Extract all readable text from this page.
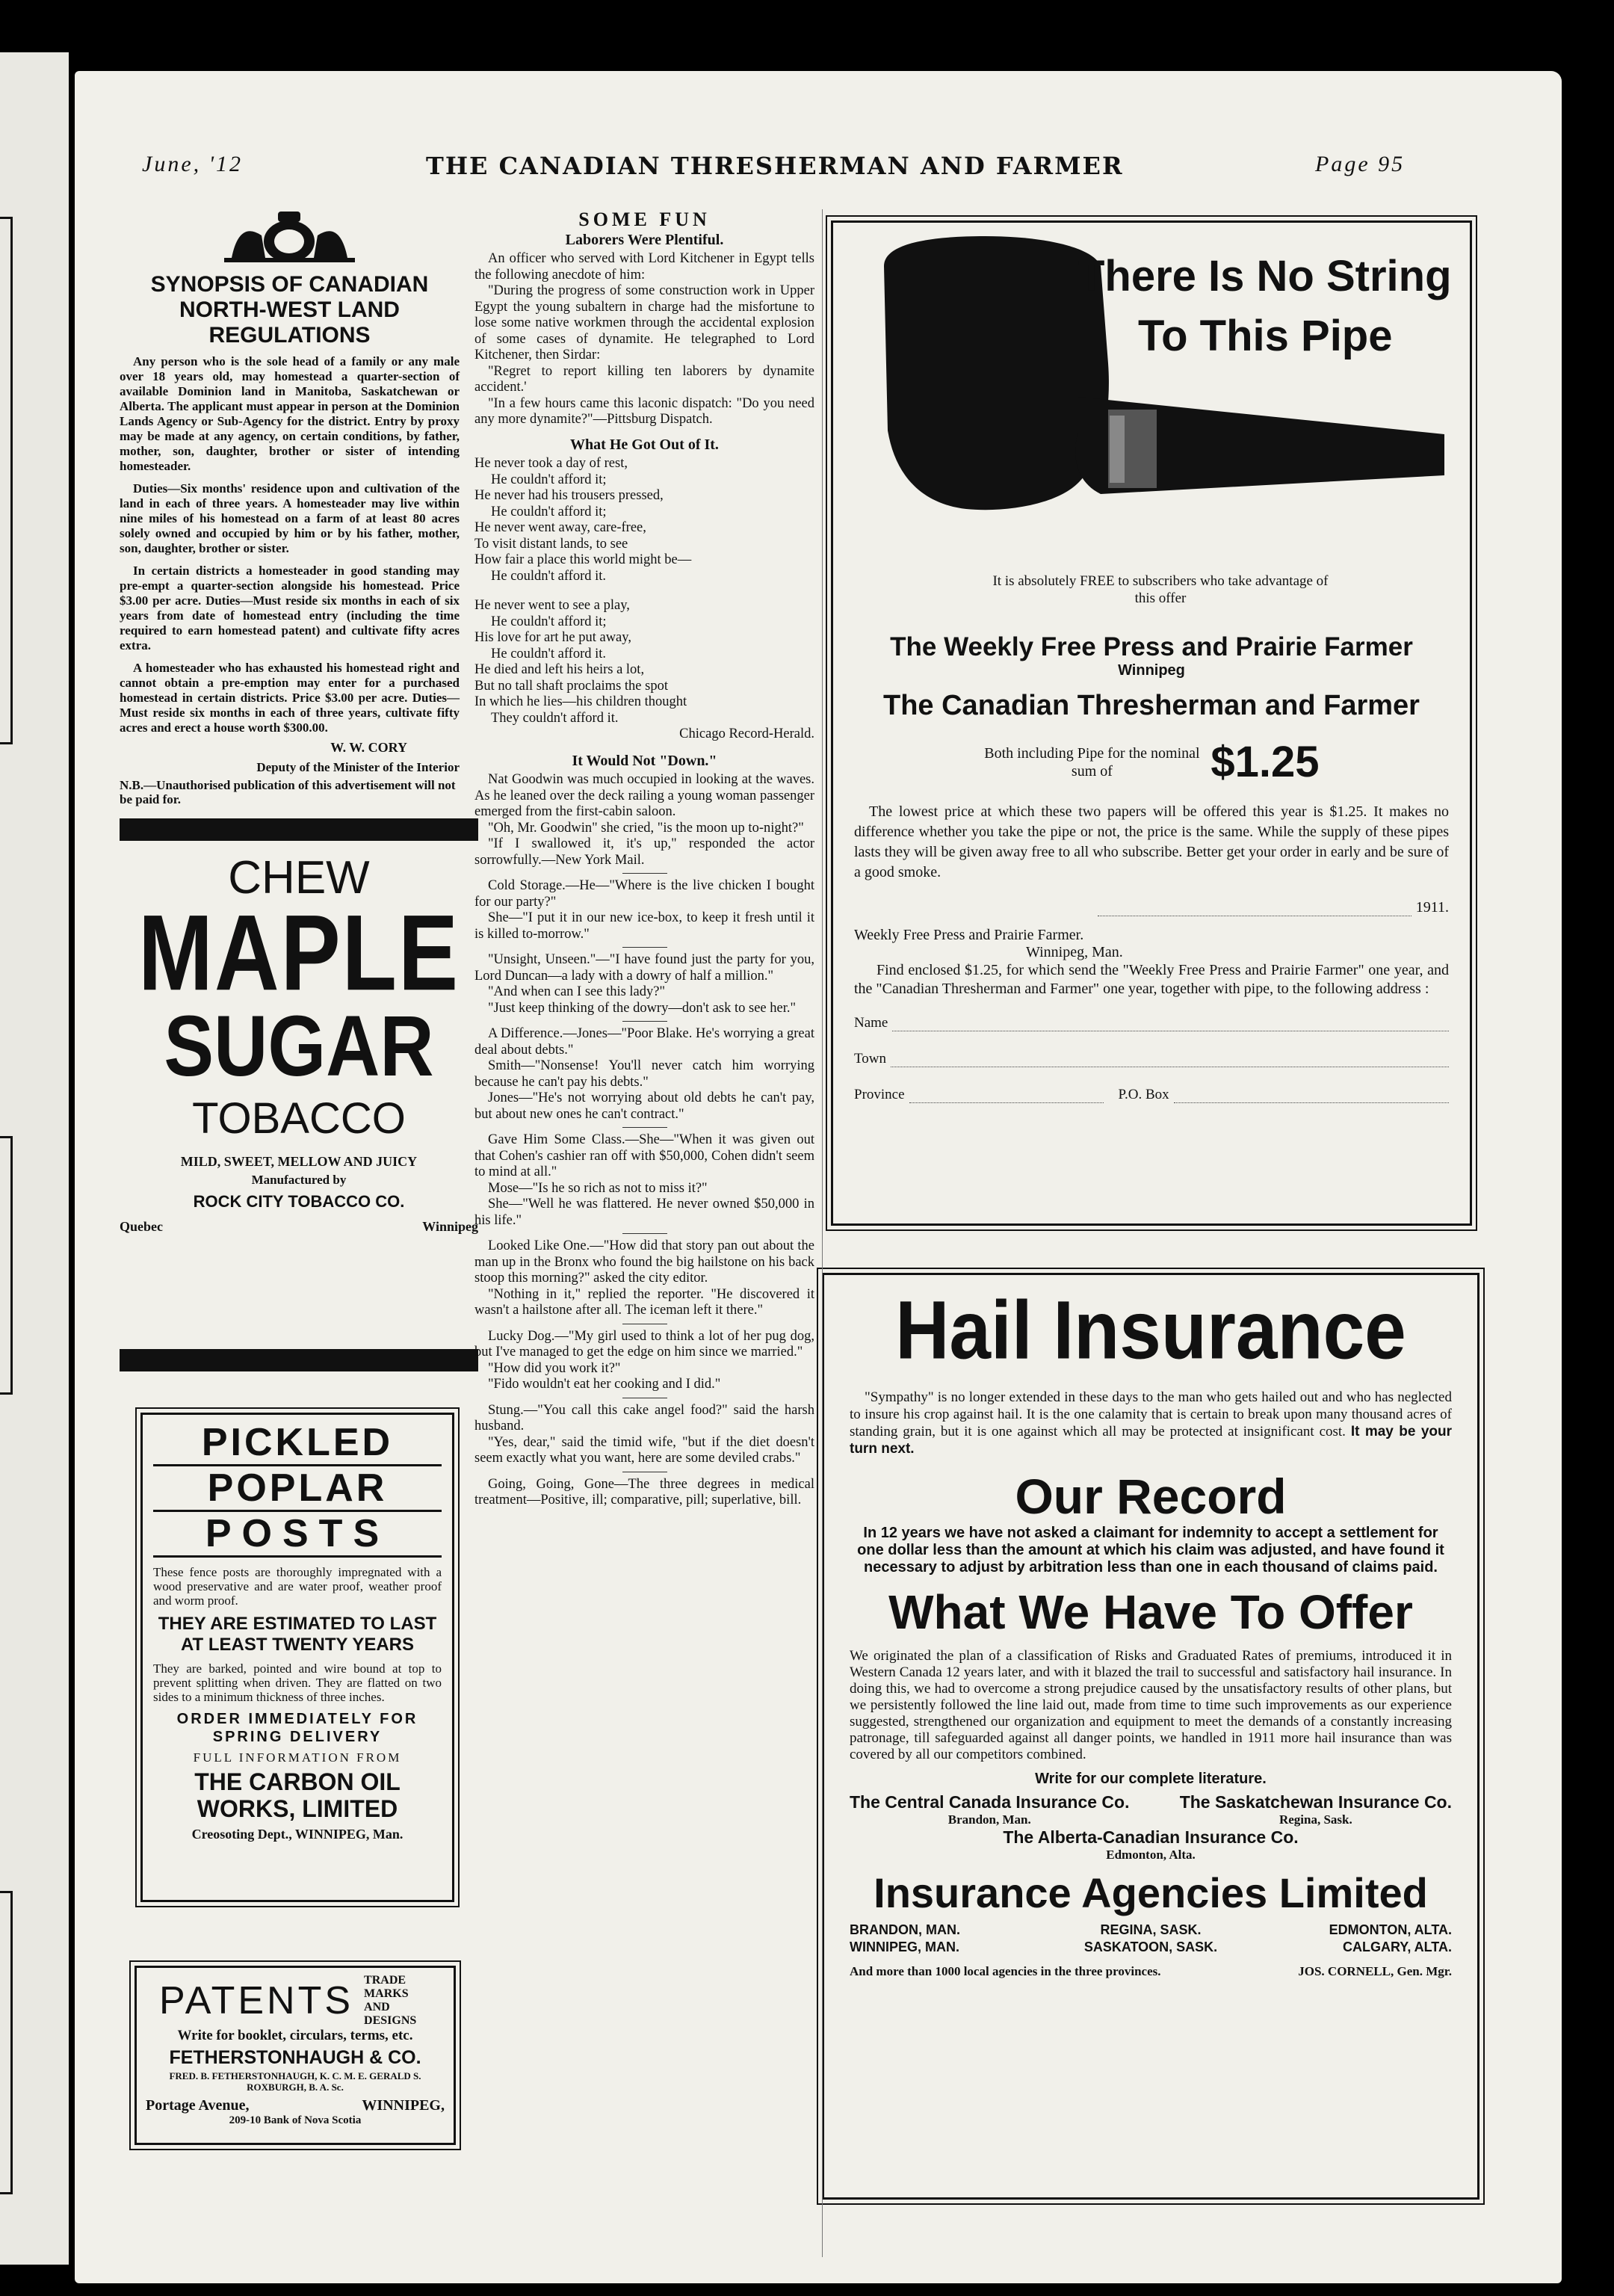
June, '12	THE CANADIAN THRESHERMAN AND FARMER	Page 95
SYNOPSIS OF CANADIAN NORTH-WEST LAND REGULATIONS

Any person who is the sole head of a family or any male over 18 years old, may homestead a quarter-section of available Dominion land in Manitoba, Saskatchewan or Alberta. The applicant must appear in person at the Dominion Lands Agency or Sub-Agency for the district. Entry by proxy may be made at any agency, on certain conditions, by father, mother, son, daughter, brother or sister of intending homesteader.

Duties—Six months' residence upon and cultivation of the land in each of three years. A homesteader may live within nine miles of his homestead on a farm of at least 80 acres solely owned and occupied by him or by his father, mother, son, daughter, brother or sister.

In certain districts a homesteader in good standing may pre-empt a quarter-section alongside his homestead. Price $3.00 per acre. Duties—Must reside six months in each of six years from date of homestead entry (including the time required to earn homestead patent) and cultivate fifty acres extra.

A homesteader who has exhausted his homestead right and cannot obtain a pre-emption may enter for a purchased homestead in certain districts. Price $3.00 per acre. Duties—Must reside six months in each of three years, cultivate fifty acres and erect a house worth $300.00.

W. W. CORY
Deputy of the Minister of the Interior
N.B.—Unauthorised publication of this advertisement will not be paid for.
CHEW
MAPLE
SUGAR
TOBACCO
MILD, SWEET, MELLOW AND JUICY
Manufactured by
ROCK CITY TOBACCO CO.
Quebec	Winnipeg
PICKLED
POPLAR
POSTS
These fence posts are thoroughly impregnated with a wood preservative and are water proof, weather proof and worm proof.
THEY ARE ESTIMATED TO LAST AT LEAST TWENTY YEARS
They are barked, pointed and wire bound at top to prevent splitting when driven. They are flatted on two sides to a minimum thickness of three inches.
ORDER IMMEDIATELY FOR SPRING DELIVERY
FULL INFORMATION FROM
THE CARBON OIL WORKS, LIMITED
Creosoting Dept., WINNIPEG, Man.
PATENTS TRADE MARKS AND DESIGNS
Write for booklet, circulars, terms, etc.
FETHERSTONHAUGH & CO.
FRED. B. FETHERSTONHAUGH, K. C. M. E. GERALD S. ROXBURGH, B. A. Sc.
Portage Avenue,	WINNIPEG,
209-10 Bank of Nova Scotia
SOME FUN
Laborers Were Plentiful.

An officer who served with Lord Kitchener in Egypt tells the following anecdote of him:

"During the progress of some construction work in Upper Egypt the young subaltern in charge had the misfortune to lose some native workmen through the accidental explosion of some cases of dynamite. He telegraphed to Lord Kitchener, then Sirdar:

"Regret to report killing ten laborers by dynamite accident.'

"In a few hours came this laconic dispatch: "Do you need any more dynamite?"—Pittsburg Dispatch.

What He Got Out of It.
He never took a day of rest,
He couldn't afford it;
He never had his trousers pressed,
He couldn't afford it;
He never went away, care-free,
To visit distant lands, to see
How fair a place this world might be—
He couldn't afford it.
He never went to see a play,
He couldn't afford it;
His love for art he put away,
He couldn't afford it.
He died and left his heirs a lot,
But no tall shaft proclaims the spot
In which he lies—his children thought
They couldn't afford it.
Chicago Record-Herald.
It Would Not "Down."

Nat Goodwin was much occupied in looking at the waves. As he leaned over the deck railing a young woman passenger emerged from the first-cabin saloon.

"Oh, Mr. Goodwin" she cried, "is the moon up to-night?"

"If I swallowed it, it's up," responded the actor sorrowfully.—New York Mail.

Cold Storage.—He—"Where is the live chicken I bought for our party?"

She—"I put it in our new ice-box, to keep it fresh until it is killed to-morrow."

"Unsight, Unseen."—"I have found just the party for you, Lord Duncan—a lady with a dowry of half a million."

"And when can I see this lady?"

"Just keep thinking of the dowry—don't ask to see her."

A Difference.—Jones—"Poor Blake. He's worrying a great deal about debts."

Smith—"Nonsense! You'll never catch him worrying because he can't pay his debts."

Jones—"He's not worrying about old debts he can't pay, but about new ones he can't contract."

Gave Him Some Class.—She—"When it was given out that Cohen's cashier ran off with $50,000, Cohen didn't seem to mind at all."

Mose—"Is he so rich as not to miss it?"

She—"Well he was flattered. He never owned $50,000 in his life."

Looked Like One.—"How did that story pan out about the man up in the Bronx who found the big hailstone on his back stoop this morning?" asked the city editor.

"Nothing in it," replied the reporter. "He discovered it wasn't a hailstone after all. The iceman left it there."

Lucky Dog.—"My girl used to think a lot of her pug dog, but I've managed to get the edge on him since we married."

"How did you work it?"

"Fido wouldn't eat her cooking and I did."

Stung.—"You call this cake angel food?" said the harsh husband.

"Yes, dear," said the timid wife, "but if the diet doesn't seem exactly what you want, here are some deviled crabs."

Going, Going, Gone—The three degrees in medical treatment—Positive, ill; comparative, pill; superlative, bill.

There Is No String
To This Pipe
It is absolutely FREE to subscribers who take advantage of this offer
The Weekly Free Press and Prairie Farmer
Winnipeg
The Canadian Thresherman and Farmer
Both including Pipe for the nominal sum of	$1.25
The lowest price at which these two papers will be offered this year is $1.25. It makes no difference whether you take the pipe or not, the price is the same. While the supply of these pipes lasts they will be given away free to all who subscribe. Better get your order in early and be sure of a good smoke.
1911.
Weekly Free Press and Prairie Farmer.
Winnipeg, Man.
Find enclosed $1.25, for which send the "Weekly Free Press and Prairie Farmer" one year, and the "Canadian Thresherman and Farmer" one year, together with pipe, to the following address :
Name
Town
Province	P.O. Box
Hail Insurance
"Sympathy" is no longer extended in these days to the man who gets hailed out and who has neglected to insure his crop against hail. It is the one calamity that is certain to break upon many thousand acres of standing grain, but it is one against which all may be protected at insignificant cost. It may be your turn next.
Our Record
In 12 years we have not asked a claimant for indemnity to accept a settlement for one dollar less than the amount at which his claim was adjusted, and have found it necessary to adjust by arbitration less than one in each thousand of claims paid.
What We Have To Offer
We originated the plan of a classification of Risks and Graduated Rates of premiums, introduced it in Western Canada 12 years later, and with it blazed the trail to successful and satisfactory hail insurance. In doing this, we had to overcome a strong prejudice caused by the unsatisfactory results of other plans, but we persistently followed the line laid out, made from time to time such improvements as our experience suggested, strengthened our organization and equipment to meet the demands of a constantly increasing patronage, till safeguarded against all danger points, we handled in 1911 more hail insurance than was covered by all our competitors combined.
Write for our complete literature.
The Central Canada Insurance Co.
Brandon, Man.
The Saskatchewan Insurance Co.
Regina, Sask.
The Alberta-Canadian Insurance Co.
Edmonton, Alta.
Insurance Agencies Limited
BRANDON, MAN.	REGINA, SASK.	EDMONTON, ALTA.
WINNIPEG, MAN.	SASKATOON, SASK.	CALGARY, ALTA.
And more than 1000 local agencies in the three provinces.	JOS. CORNELL, Gen. Mgr.
